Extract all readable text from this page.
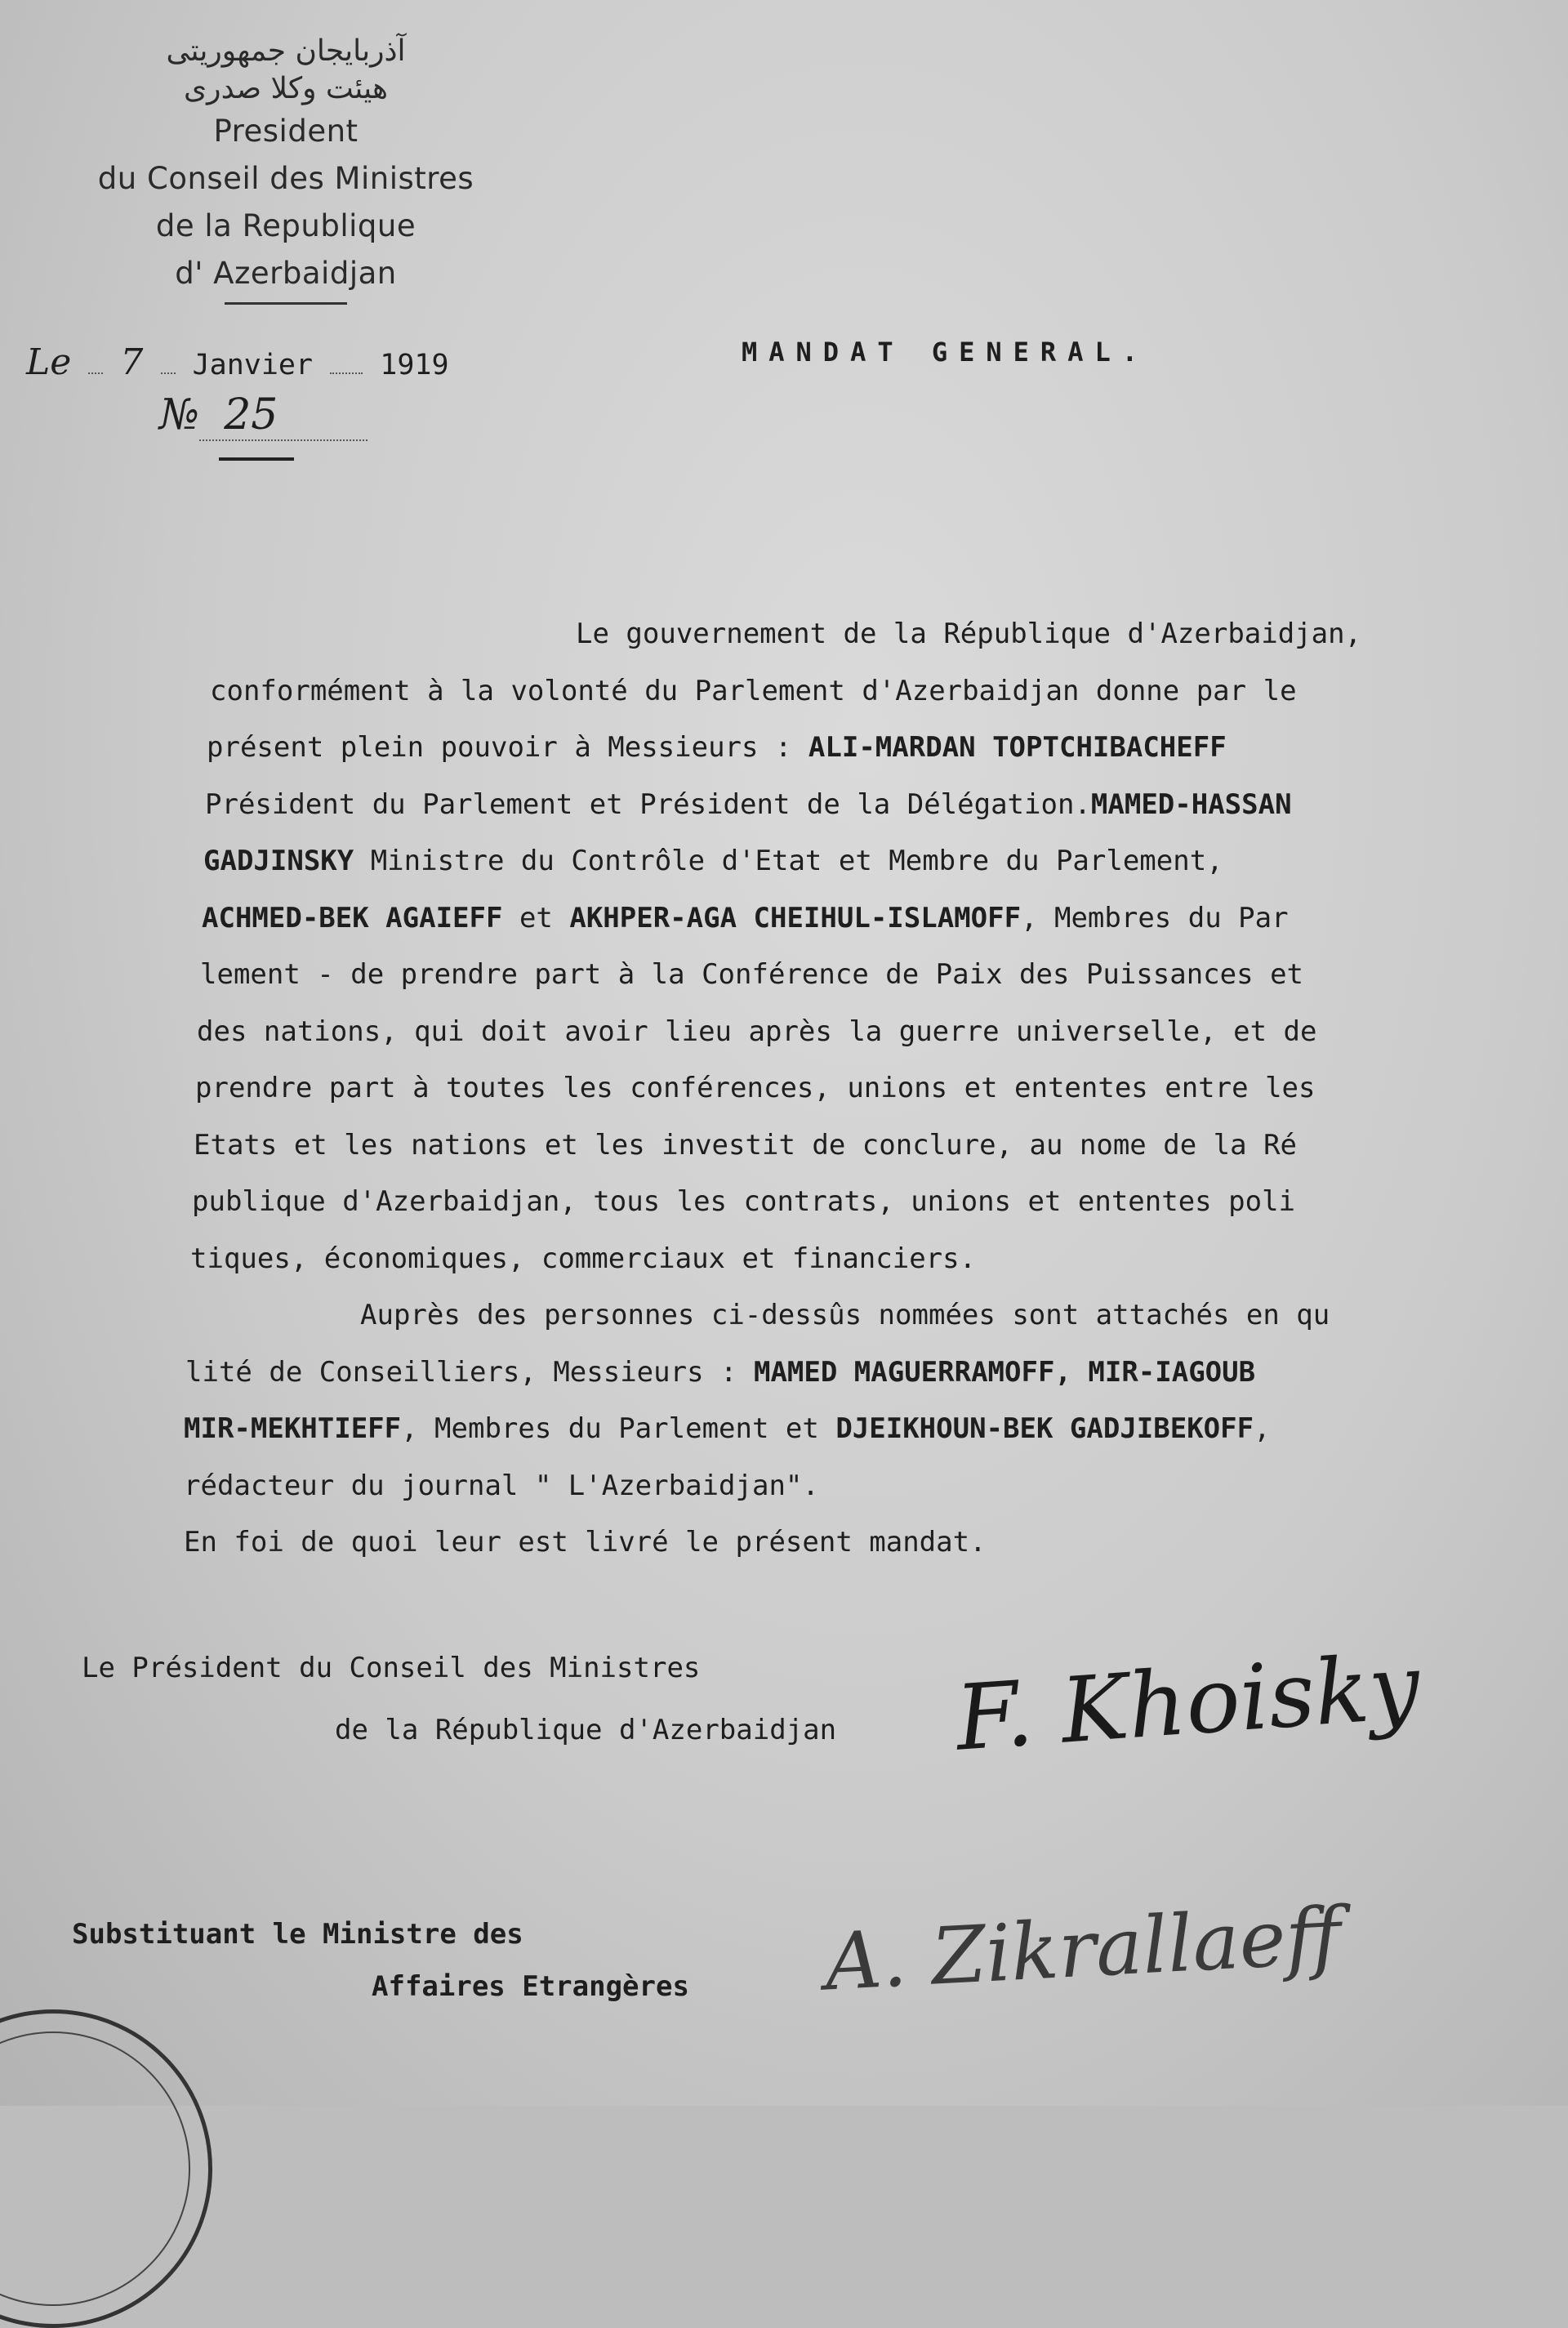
آذربایجان جمهوریتی
هیئت وکلا صدری
President
du Conseil des Ministres
de la Republique
d' Azerbaidjan
Le 7 Janvier 1919
№ 25
MANDAT GENERAL.
Le gouvernement de la République d'Azerbaidjan,
conformément à la volonté du Parlement d'Azerbaidjan donne par le
présent plein pouvoir à Messieurs : ALI-MARDAN TOPTCHIBACHEFF
Président du Parlement et Président de la Délégation.MAMED-HASSAN
GADJINSKY Ministre du Contrôle d'Etat et Membre du Parlement,
ACHMED-BEK AGAIEFF et AKHPER-AGA CHEIHUL-ISLAMOFF, Membres du Par
lement - de prendre part à la Conférence de Paix des Puissances et
des nations, qui doit avoir lieu après la guerre universelle, et de
prendre part à toutes les conférences, unions et ententes entre les
Etats et les nations et les investit de conclure, au nome de la Ré
publique d'Azerbaidjan, tous les contrats, unions et ententes poli
tiques, économiques, commerciaux et financiers.
Auprès des personnes ci-dessûs nommées sont attachés en qu
lité de Conseilliers, Messieurs : MAMED MAGUERRAMOFF, MIR-IAGOUB
MIR-MEKHTIEFF, Membres du Parlement et DJEIKHOUN-BEK GADJIBEKOFF,
rédacteur du journal " L'Azerbaidjan".
En foi de quoi leur est livré le présent mandat.
Le Président du Conseil des Ministres
de la République d'Azerbaidjan F. Khoisky
Substituant le Ministre des
Affaires Etrangères A. Zikrallaeff
